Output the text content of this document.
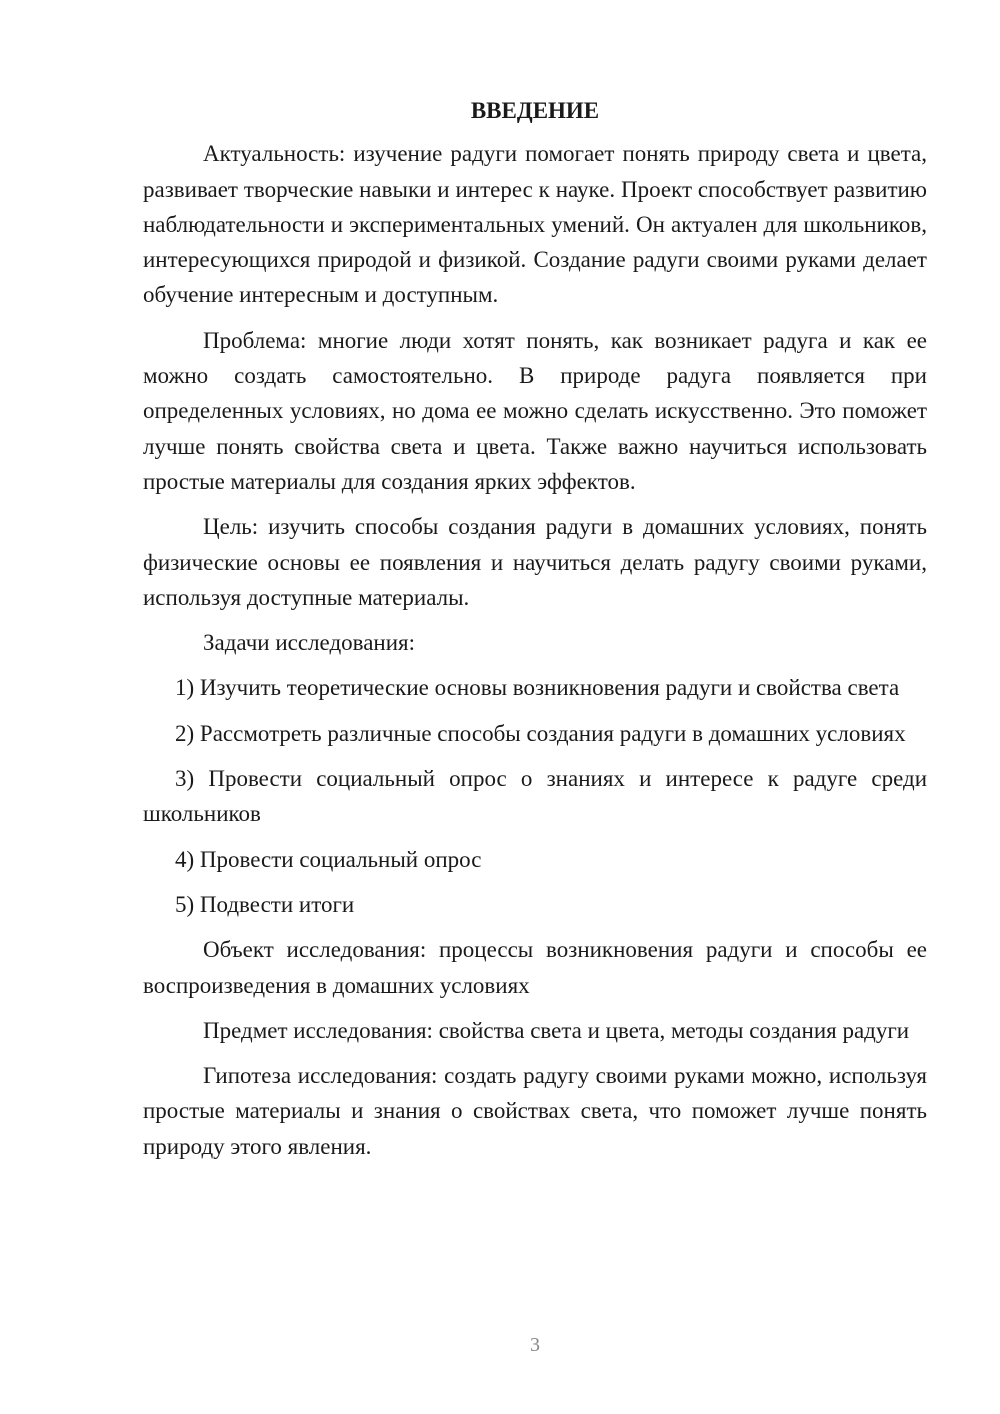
ВВЕДЕНИЕ

Актуальность: изучение радуги помогает понять природу света и цвета, развивает творческие навыки и интерес к науке. Проект способствует развитию наблюдательности и экспериментальных умений. Он актуален для школьников, интересующихся природой и физикой. Создание радуги своими руками делает обучение интересным и доступным.

Проблема: многие люди хотят понять, как возникает радуга и как ее можно создать самостоятельно. В природе радуга появляется при определенных условиях, но дома ее можно сделать искусственно. Это поможет лучше понять свойства света и цвета. Также важно научиться использовать простые материалы для создания ярких эффектов.

Цель: изучить способы создания радуги в домашних условиях, понять физические основы ее появления и научиться делать радугу своими руками, используя доступные материалы.

Задачи исследования:

1) Изучить теоретические основы возникновения радуги и свойства света

2) Рассмотреть различные способы создания радуги в домашних условиях

3) Провести социальный опрос о знаниях и интересе к радуге среди школьников

4) Провести социальный опрос

5) Подвести итоги

Объект исследования: процессы возникновения радуги и способы ее воспроизведения в домашних условиях

Предмет исследования: свойства света и цвета, методы создания радуги

Гипотеза исследования: создать радугу своими руками можно, используя простые материалы и знания о свойствах света, что поможет лучше понять природу этого явления.

3
